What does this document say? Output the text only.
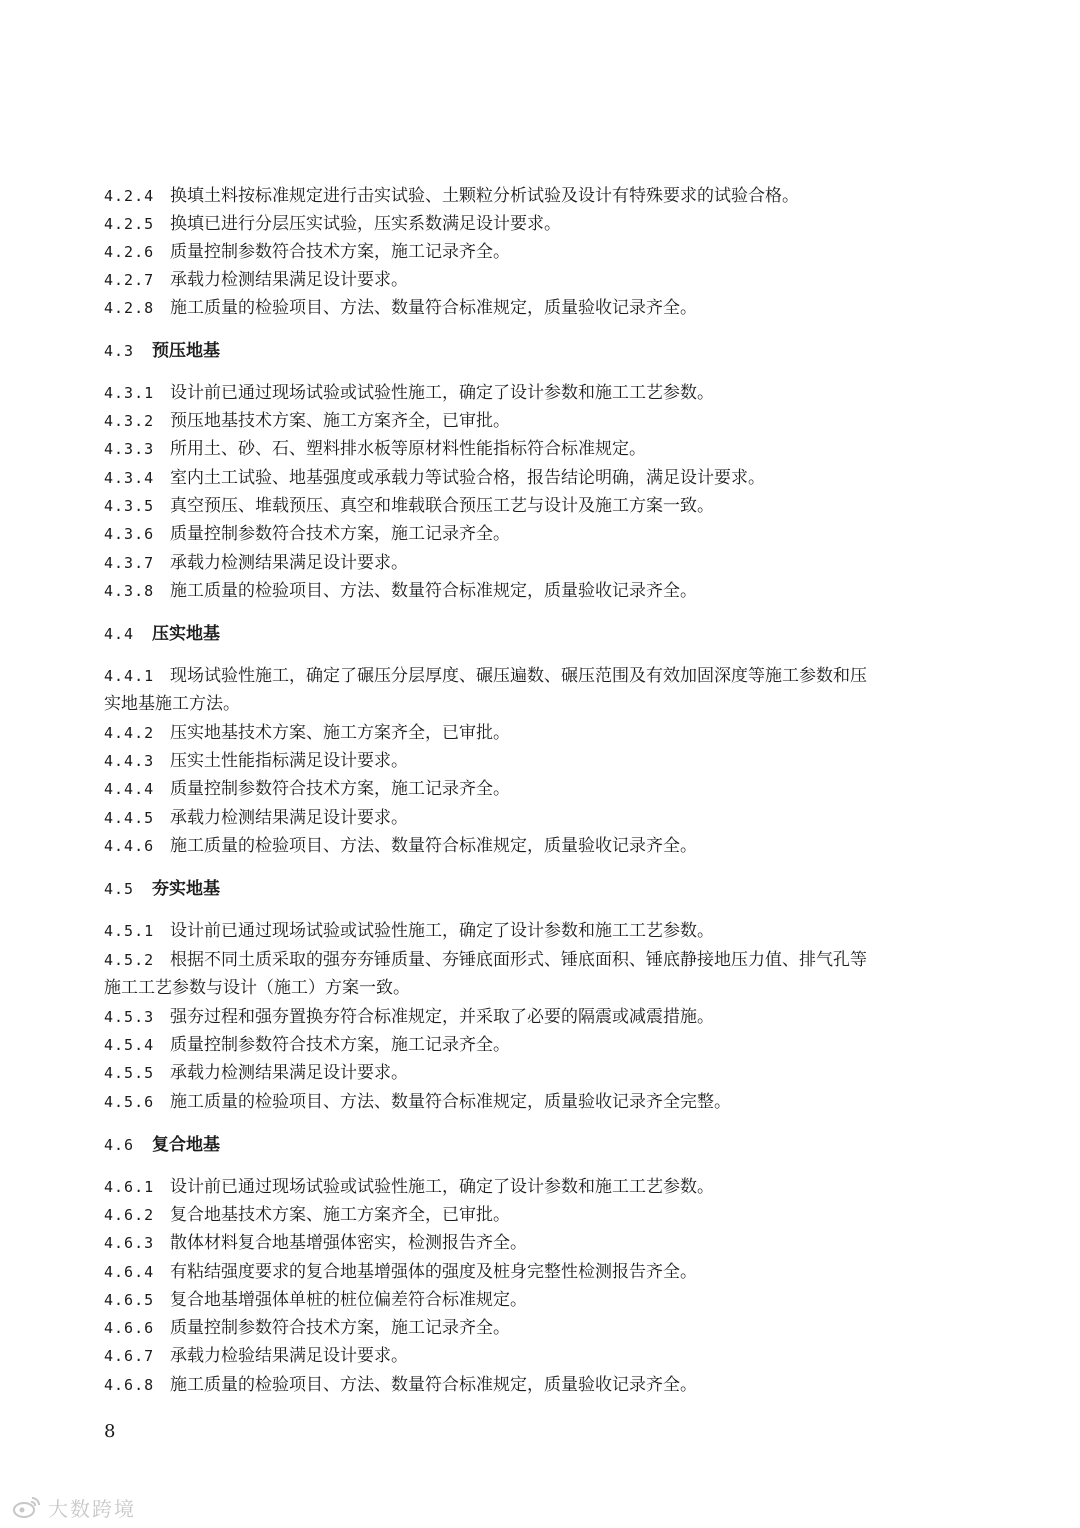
4.2.4 换填土料按标准规定进行击实试验、土颗粒分析试验及设计有特殊要求的试验合格。
4.2.5 换填已进行分层压实试验，压实系数满足设计要求。
4.2.6 质量控制参数符合技术方案，施工记录齐全。
4.2.7 承载力检测结果满足设计要求。
4.2.8 施工质量的检验项目、方法、数量符合标准规定，质量验收记录齐全。
4.3 预压地基
4.3.1 设计前已通过现场试验或试验性施工，确定了设计参数和施工工艺参数。
4.3.2 预压地基技术方案、施工方案齐全，已审批。
4.3.3 所用土、砂、石、塑料排水板等原材料性能指标符合标准规定。
4.3.4 室内土工试验、地基强度或承载力等试验合格，报告结论明确，满足设计要求。
4.3.5 真空预压、堆载预压、真空和堆载联合预压工艺与设计及施工方案一致。
4.3.6 质量控制参数符合技术方案，施工记录齐全。
4.3.7 承载力检测结果满足设计要求。
4.3.8 施工质量的检验项目、方法、数量符合标准规定，质量验收记录齐全。
4.4 压实地基
4.4.1 现场试验性施工，确定了碾压分层厚度、碾压遍数、碾压范围及有效加固深度等施工参数和压
实地基施工方法。
4.4.2 压实地基技术方案、施工方案齐全，已审批。
4.4.3 压实土性能指标满足设计要求。
4.4.4 质量控制参数符合技术方案，施工记录齐全。
4.4.5 承载力检测结果满足设计要求。
4.4.6 施工质量的检验项目、方法、数量符合标准规定，质量验收记录齐全。
4.5 夯实地基
4.5.1 设计前已通过现场试验或试验性施工，确定了设计参数和施工工艺参数。
4.5.2 根据不同土质采取的强夯夯锤质量、夯锤底面形式、锤底面积、锤底静接地压力值、排气孔等
施工工艺参数与设计（施工）方案一致。
4.5.3 强夯过程和强夯置换夯符合标准规定，并采取了必要的隔震或减震措施。
4.5.4 质量控制参数符合技术方案，施工记录齐全。
4.5.5 承载力检测结果满足设计要求。
4.5.6 施工质量的检验项目、方法、数量符合标准规定，质量验收记录齐全完整。
4.6 复合地基
4.6.1 设计前已通过现场试验或试验性施工，确定了设计参数和施工工艺参数。
4.6.2 复合地基技术方案、施工方案齐全，已审批。
4.6.3 散体材料复合地基增强体密实，检测报告齐全。
4.6.4 有粘结强度要求的复合地基增强体的强度及桩身完整性检测报告齐全。
4.6.5 复合地基增强体单桩的桩位偏差符合标准规定。
4.6.6 质量控制参数符合技术方案，施工记录齐全。
4.6.7 承载力检验结果满足设计要求。
4.6.8 施工质量的检验项目、方法、数量符合标准规定，质量验收记录齐全。
8
大数跨境
